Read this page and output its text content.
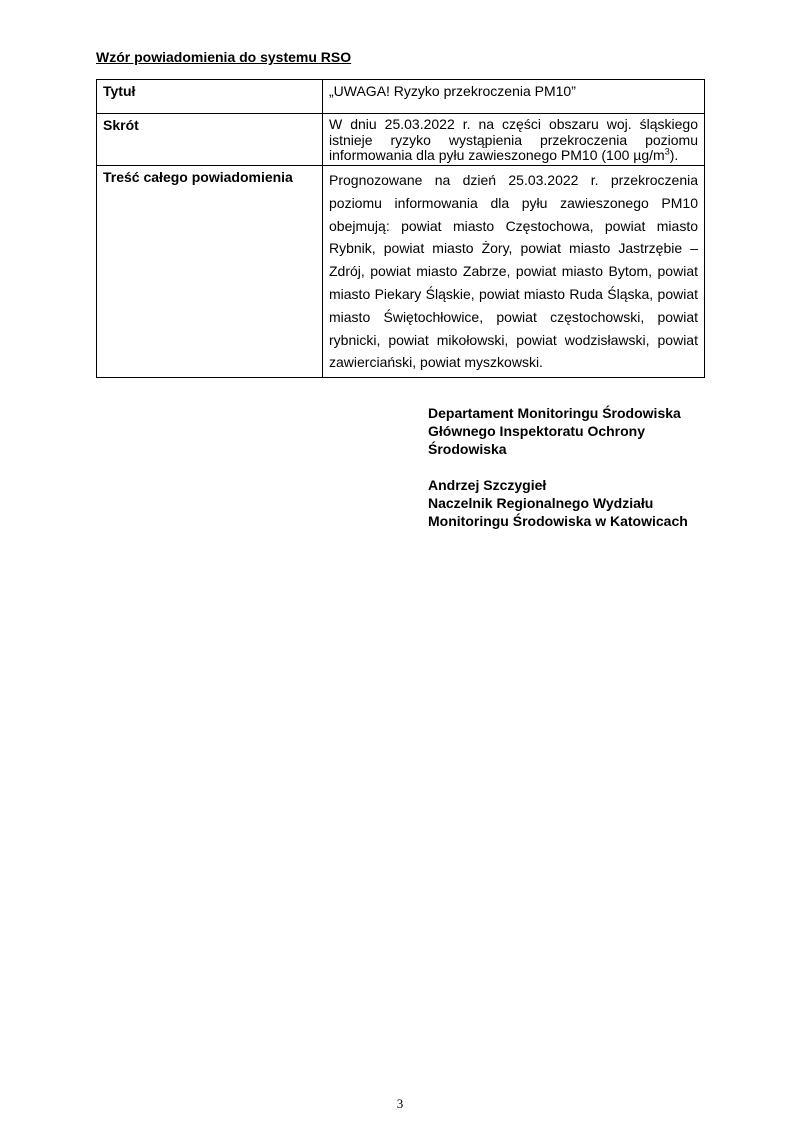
Wzór powiadomienia do systemu RSO
Tytuł	„UWAGA! Ryzyko przekroczenia PM10”
Skrót	W dniu 25.03.2022 r. na części obszaru woj. śląskiego istnieje ryzyko wystąpienia przekroczenia poziomu informowania dla pyłu zawieszonego PM10 (100 $\mu g/m^3$).
Treść całego powiadomienia	Prognozowane na dzień 25.03.2022 r. przekroczenia poziomu informowania dla pyłu zawieszonego PM10 obejmują: powiat miasto Częstochowa, powiat miasto Rybnik, powiat miasto Żory, powiat miasto Jastrzębie – Zdrój, powiat miasto Zabrze, powiat miasto Bytom, powiat miasto Piekary Śląskie, powiat miasto Ruda Śląska, powiat miasto Świętochłowice, powiat częstochowski, powiat rybnicki, powiat mikołowski, powiat wodzisławski, powiat zawierciański, powiat myszkowski.
Departament Monitoringu Środowiska
Głównego Inspektoratu Ochrony
Środowiska
Andrzej Szczygieł
Naczelnik Regionalnego Wydziału
Monitoringu Środowiska w Katowicach
3
